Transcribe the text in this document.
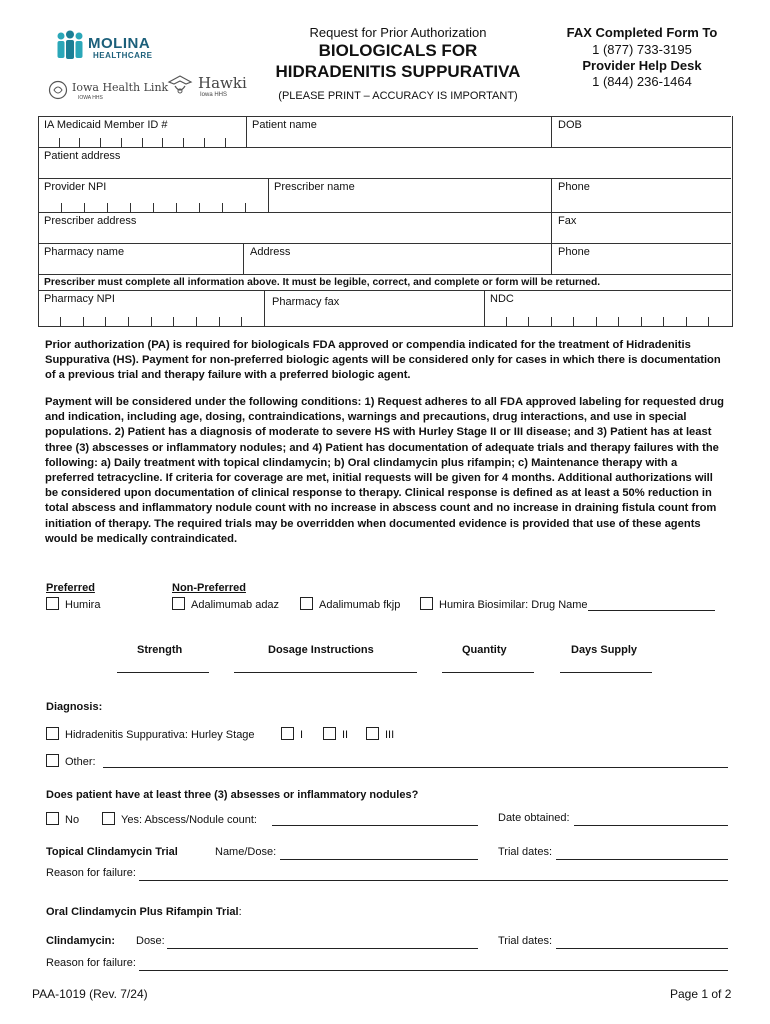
MOLINA
HEALTHCARE
Iowa Health Link
IOWA HHS
Hawki
Iowa HHS
Request for Prior Authorization
BIOLOGICALS FOR
HIDRADENITIS SUPPURATIVA
(PLEASE PRINT – ACCURACY IS IMPORTANT)
FAX Completed Form To
1 (877) 733-3195
Provider Help Desk
1 (844) 236-1464
IA Medicaid Member ID #	Patient name	DOB
Patient address
Provider NPI	Prescriber name	Phone
Prescriber address	Fax
Pharmacy name	Address	Phone
Prescriber must complete all information above. It must be legible, correct, and complete or form will be returned.
Pharmacy NPI	Pharmacy fax	NDC
Prior authorization (PA) is required for biologicals FDA approved or compendia indicated for the treatment of Hidradenitis Suppurativa (HS). Payment for non-preferred biologic agents will be considered only for cases in which there is documentation of a previous trial and therapy failure with a preferred biologic agent.
Payment will be considered under the following conditions: 1) Request adheres to all FDA approved labeling for requested drug and indication, including age, dosing, contraindications, warnings and precautions, drug interactions, and use in special populations. 2) Patient has a diagnosis of moderate to severe HS with Hurley Stage II or III disease; and 3) Patient has at least three (3) abscesses or inflammatory nodules; and 4) Patient has documentation of adequate trials and therapy failures with the following: a) Daily treatment with topical clindamycin; b) Oral clindamycin plus rifampin; c) Maintenance therapy with a preferred tetracycline. If criteria for coverage are met, initial requests will be given for 4 months. Additional authorizations will be considered upon documentation of clinical response to therapy. Clinical response is defined as at least a 50% reduction in total abscess and inflammatory nodule count with no increase in abscess count and no increase in draining fistula count from initiation of therapy. The required trials may be overridden when documented evidence is provided that use of these agents would be medically contraindicated.
Preferred	Non-Preferred
Humira	Adalimumab adaz	Adalimumab fkjp	Humira Biosimilar: Drug Name
Strength	Dosage Instructions	Quantity	Days Supply
Diagnosis:
Hidradenitis Suppurativa: Hurley Stage	I	II	III
Other:
Does patient have at least three (3) absesses or inflammatory nodules?
No	Yes: Abscess/Nodule count:	Date obtained:
Topical Clindamycin Trial	Name/Dose:	Trial dates:
Reason for failure:
Oral Clindamycin Plus Rifampin Trial:
Clindamycin: Dose:	Trial dates:
Reason for failure:
PAA-1019 (Rev. 7/24)	Page 1 of 2
